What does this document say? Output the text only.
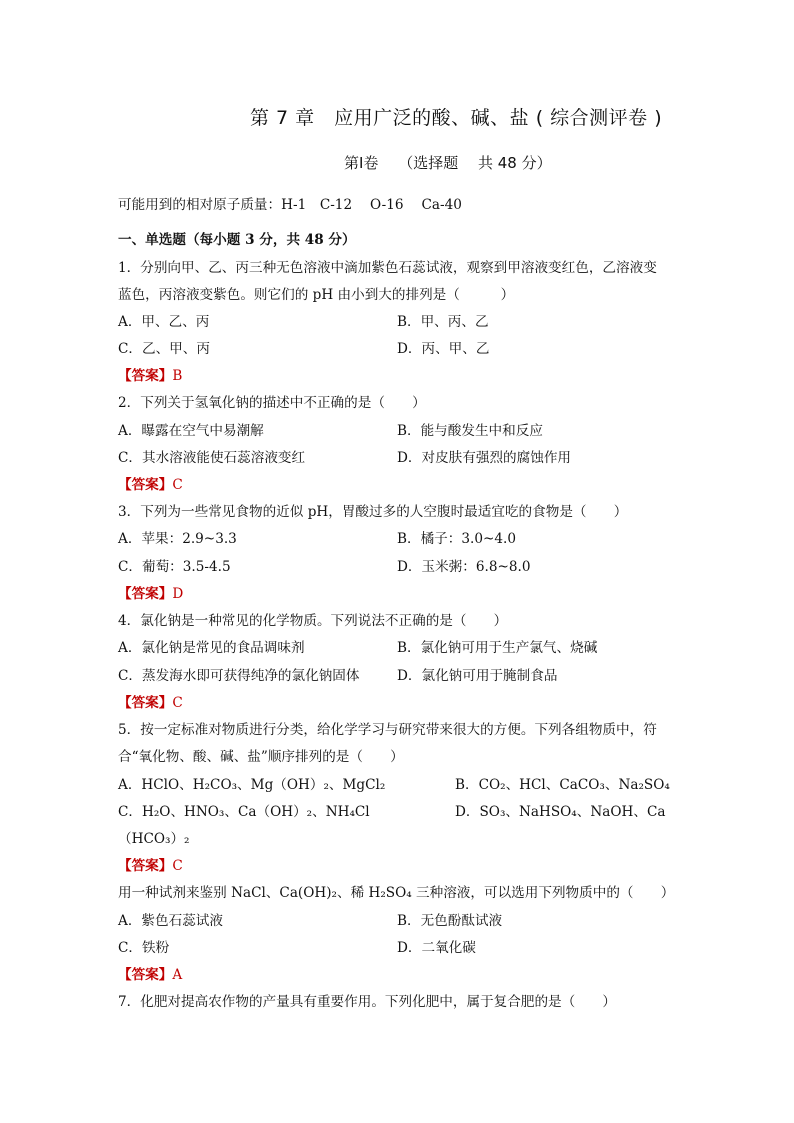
第 7 章　应用广泛的酸、碱、盐 ( 综合测评卷 )
第Ⅰ卷　 （选择题　 共 48 分）
可能用到的相对原子质量：H-1　C-12　 O-16　 Ca-40
一、单选题（每小题 3 分，共 48 分）
1．分别向甲、乙、丙三种无色溶液中滴加紫色石蕊试液，观察到甲溶液变红色，乙溶液变
蓝色，丙溶液变紫色。则它们的 pH 由小到大的排列是（　　　）
A．甲、乙、丙	B．甲、丙、乙
C．乙、甲、丙	D．丙、甲、乙
【答案】B
2．下列关于氢氧化钠的描述中不正确的是（　　）
A．曝露在空气中易潮解	B．能与酸发生中和反应
C．其水溶液能使石蕊溶液变红	D．对皮肤有强烈的腐蚀作用
【答案】C
3．下列为一些常见食物的近似 pH，胃酸过多的人空腹时最适宜吃的食物是（　　）
A．苹果：2.9~3.3	B．橘子：3.0~4.0
C．葡萄：3.5-4.5	D．玉米粥：6.8~8.0
【答案】D
4．氯化钠是一种常见的化学物质。下列说法不正确的是（　　）
A．氯化钠是常见的食品调味剂	B．氯化钠可用于生产氯气、烧碱
C．蒸发海水即可获得纯净的氯化钠固体	D．氯化钠可用于腌制食品
【答案】C
5．按一定标准对物质进行分类，给化学学习与研究带来很大的方便。下列各组物质中，符
合“氧化物、酸、碱、盐”顺序排列的是（　　）
A．HClO、H₂CO₃、Mg（OH）₂、MgCl₂	B．CO₂、HCl、CaCO₃、Na₂SO₄
C．H₂O、HNO₃、Ca（OH）₂、NH₄Cl	D．SO₃、NaHSO₄、NaOH、Ca
（HCO₃）₂
【答案】C
用一种试剂来鉴别 NaCl、Ca(OH)₂、稀 H₂SO₄ 三种溶液，可以选用下列物质中的（　　）
A．紫色石蕊试液	B．无色酚酞试液
C．铁粉	D．二氧化碳
【答案】A
7．化肥对提高农作物的产量具有重要作用。下列化肥中，属于复合肥的是（　　）
